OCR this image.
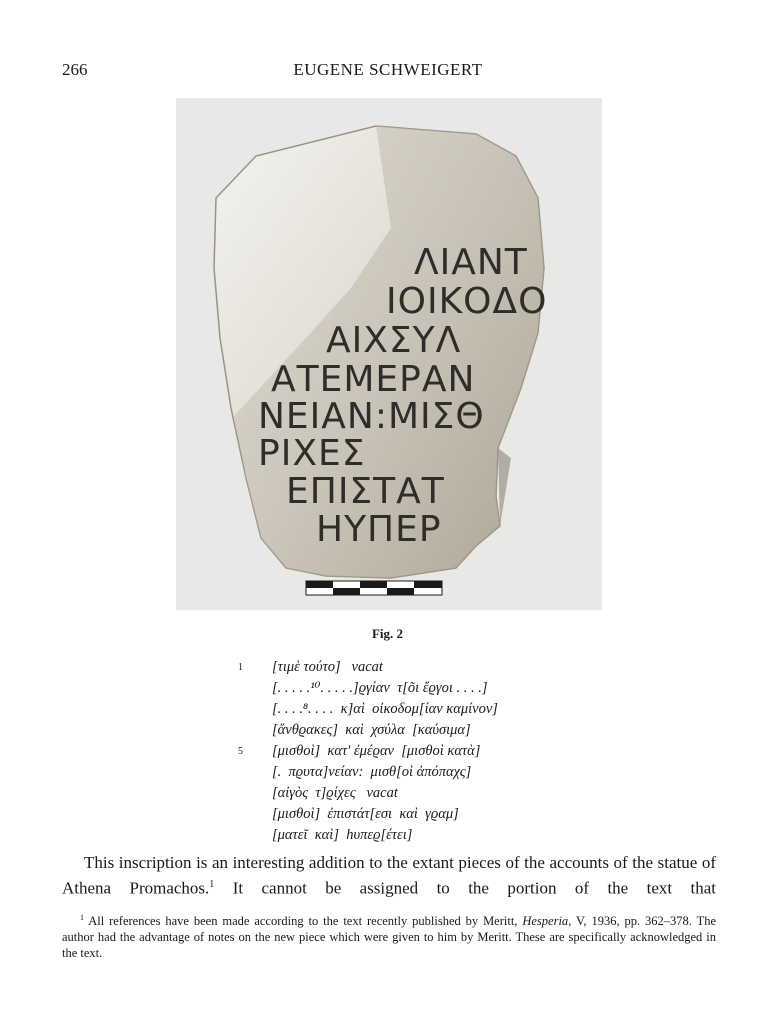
266	EUGENE SCHWEIGERT
ΛΙΑΝΤ
ΙΟΙΚΟΔΟ
ΑΙΧΣΥΛ
ΑΤΕΜΕΡΑΝ
ΝΕΙΑΝ:ΜΙΣΘ
ΡΙΧΕΣ
ΕΠΙΣΤΑΤ
ΗΥΠΕΡ
Fig. 2
1 [τιμὲ τούτο]   vacat
[. . . . .¹⁰. . . . .]ϱγίαν  τ[õι ἔϱγοι . . . .]
[. . . .⁸. . . .  κ]αὶ  οἰκοδομ[ίαν καμίνον]
[ἄνθϱακες]  καὶ  χσύλα  [καύσιμα]
5 [μισθοὶ]  κατ' ἐμέϱαν  [μισθοὶ κατὰ]
[.  πϱυτα]νείαν:  μισθ[οὶ ἀπόπαχς]
[αἰγὸς  τ]ϱίχες   vacat
[μισθοὶ]  ἐπιστάτ[εσι  καὶ  γϱαμ]
[ματεῖ  καὶ]  hυπεϱ[έτει]

This inscription is an interesting addition to the extant pieces of the accounts of the statue of Athena Promachos.$^1$ It cannot be assigned to the portion of the text that

$^1$ All references have been made according to the text recently published by Meritt, Hesperia, V, 1936, pp. 362–378. The author had the advantage of notes on the new piece which were given to him by Meritt. These are specifically acknowledged in the text.
